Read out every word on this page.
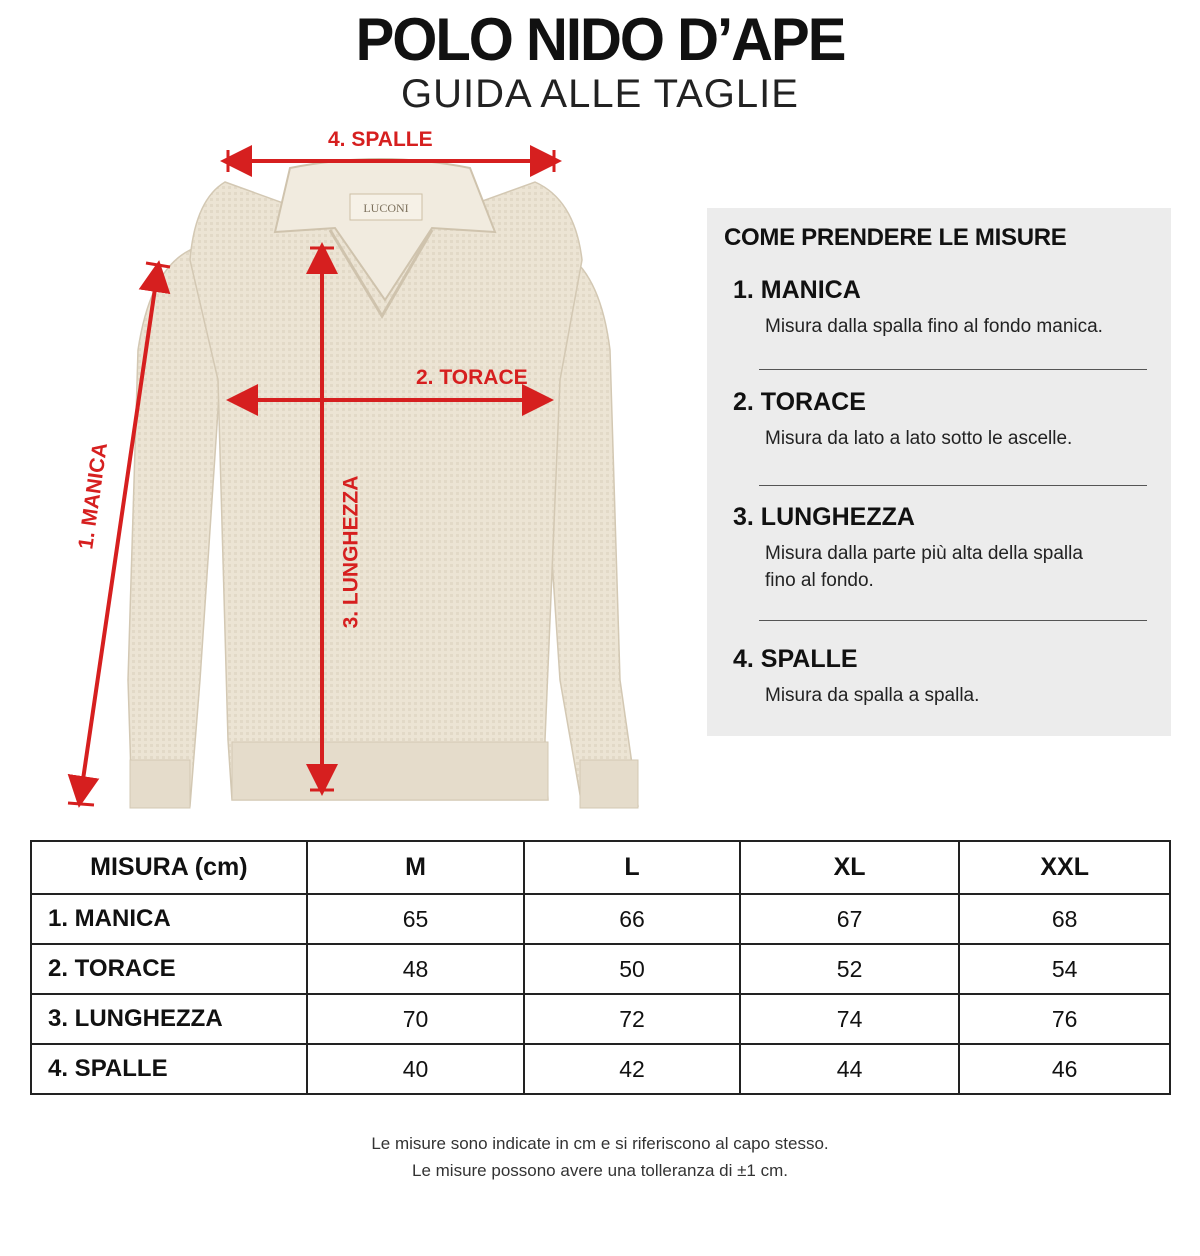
POLO NIDO D’APE
GUIDA ALLE TAGLIE
LUCONI
4. SPALLE
2. TORACE
3. LUNGHEZZA
1. MANICA
COME PRENDERE LE MISURE
1. MANICA
Misura dalla spalla fino al fondo manica.
2. TORACE
Misura da lato a lato sotto le ascelle.
3. LUNGHEZZA
Misura dalla parte più alta della spalla fino al fondo.
4. SPALLE
Misura da spalla a spalla.
MISURA (cm)	M	L	XL	XXL
1. MANICA	65	66	67	68
2. TORACE	48	50	52	54
3. LUNGHEZZA	70	72	74	76
4. SPALLE	40	42	44	46
Le misure sono indicate in cm e si riferiscono al capo stesso.
Le misure possono avere una tolleranza di ±1 cm.
